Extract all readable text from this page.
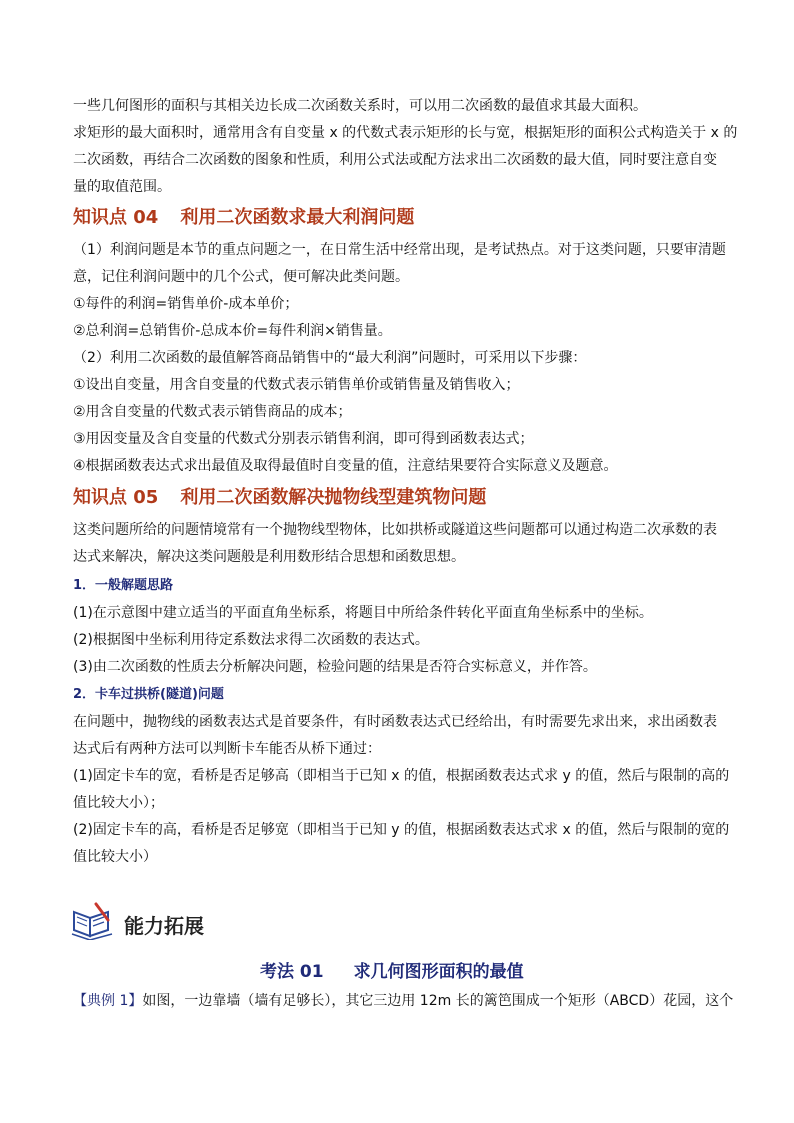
一些几何图形的面积与其相关边长成二次函数关系时，可以用二次函数的最值求其最大面积。
求矩形的最大面积时，通常用含有自变量 x 的代数式表示矩形的长与宽，根据矩形的面积公式构造关于 x 的
二次函数，再结合二次函数的图象和性质，利用公式法或配方法求出二次函数的最大值，同时要注意自变
量的取值范围。
知识点 04 利用二次函数求最大利润问题
（1）利润问题是本节的重点问题之一，在日常生活中经常出现，是考试热点。对于这类问题，只要审清题
意，记住利润问题中的几个公式，便可解决此类问题。
①每件的利润=销售单价-成本单价；
②总利润=总销售价-总成本价=每件利润×销售量。
（2）利用二次函数的最值解答商品销售中的“最大利润”问题时，可采用以下步骤：
①设出自变量，用含自变量的代数式表示销售单价或销售量及销售收入；
②用含自变量的代数式表示销售商品的成本；
③用因变量及含自变量的代数式分别表示销售利润，即可得到函数表达式；
④根据函数表达式求出最值及取得最值时自变量的值，注意结果要符合实际意义及题意。
知识点 05 利用二次函数解决抛物线型建筑物问题
这类问题所给的问题情境常有一个抛物线型物体，比如拱桥或隧道这些问题都可以通过构造二次承数的表
达式来解决，解决这类问题般是利用数形结合思想和函数思想。
1．一般解题思路
(1)在示意图中建立适当的平面直角坐标系，将题目中所给条件转化平面直角坐标系中的坐标。
(2)根据图中坐标利用待定系数法求得二次函数的表达式。
(3)由二次函数的性质去分析解决问题，检验问题的结果是否符合实标意义，并作答。
2．卡车过拱桥(隧道)问题
在问题中，抛物线的函数表达式是首要条件，有时函数表达式已经给出，有时需要先求出来，求出函数表
达式后有两种方法可以判断卡车能否从桥下通过：
(1)固定卡车的宽，看桥是否足够高（即相当于已知 x 的值，根据函数表达式求 y 的值，然后与限制的高的
值比较大小）；
(2)固定卡车的高，看桥是否足够宽（即相当于已知 y 的值，根据函数表达式求 x 的值，然后与限制的宽的
值比较大小）
能力拓展
考法 01 求几何图形面积的最值
【典例 1】如图，一边靠墙（墙有足够长），其它三边用 12m 长的篱笆围成一个矩形（ABCD）花园，这个
